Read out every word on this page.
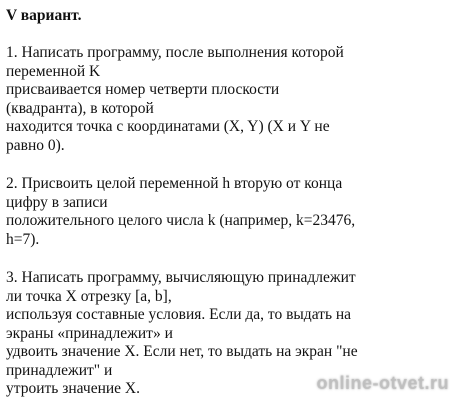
V вариант.
1. Написать программу, после выполнения которой
переменной K
присваивается номер четверти плоскости
(квадранта), в которой
находится точка с координатами (X, Y) (X и Y не
равно 0).
2. Присвоить целой переменной h вторую от конца
цифру в записи
положительного целого числа k (например, k=23476,
h=7).
3. Написать программу, вычисляющую принадлежит
ли точка X отрезку [a, b],
используя составные условия. Если да, то выдать на
экраны «принадлежит» и
удвоить значение X. Если нет, то выдать на экран "не
принадлежит" и
утроить значение X.	online-otvet.ru
